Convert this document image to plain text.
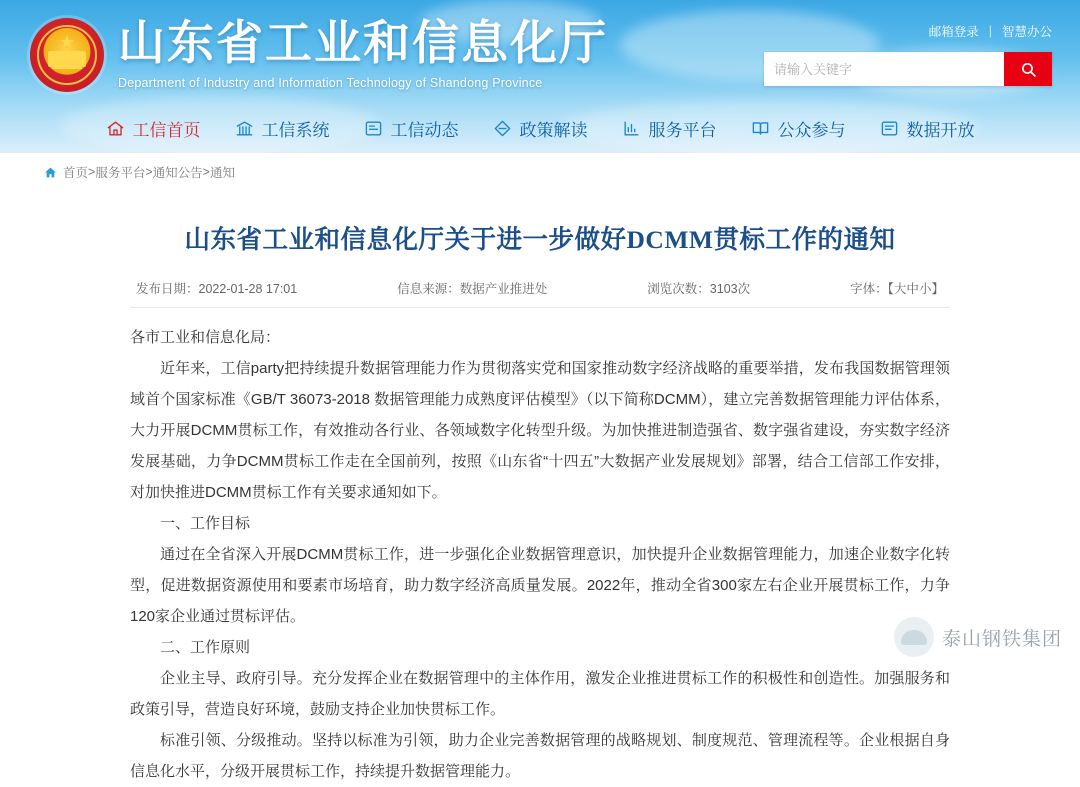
邮箱登录 | 智慧办公
★ 山东省工业和信息化厅
Department of Industry and Information Technology of Shandong Province
请输入关键字
工信首页	工信系统	工信动态	政策解读	服务平台	公众参与	数据开放
首页 > 服务平台 > 通知公告 > 通知
山东省工业和信息化厅关于进一步做好DCMM贯标工作的通知
发布日期：2022-01-28 17:01	信息来源：数据产业推进处	浏览次数：3103次	字体：【大中小】

各市工业和信息化局：

近年来，工信party把持续提升数据管理能力作为贯彻落实党和国家推动数字经济战略的重要举措，发布我国数据管理领域首个国家标准《GB/T 36073-2018 数据管理能力成熟度评估模型》（以下简称DCMM），建立完善数据管理能力评估体系，大力开展DCMM贯标工作，有效推动各行业、各领域数字化转型升级。为加快推进制造强省、数字强省建设，夯实数字经济发展基础，力争DCMM贯标工作走在全国前列，按照《山东省“十四五”大数据产业发展规划》部署，结合工信部工作安排，对加快推进DCMM贯标工作有关要求通知如下。

一、工作目标

通过在全省深入开展DCMM贯标工作，进一步强化企业数据管理意识，加快提升企业数据管理能力，加速企业数字化转型，促进数据资源使用和要素市场培育，助力数字经济高质量发展。2022年，推动全省300家左右企业开展贯标工作，力争120家企业通过贯标评估。

二、工作原则

企业主导、政府引导。充分发挥企业在数据管理中的主体作用，激发企业推进贯标工作的积极性和创造性。加强服务和政策引导，营造良好环境，鼓励支持企业加快贯标工作。

标准引领、分级推动。坚持以标准为引领，助力企业完善数据管理的战略规划、制度规范、管理流程等。企业根据自身信息化水平，分级开展贯标工作，持续提升数据管理能力。

泰山钢铁集团
